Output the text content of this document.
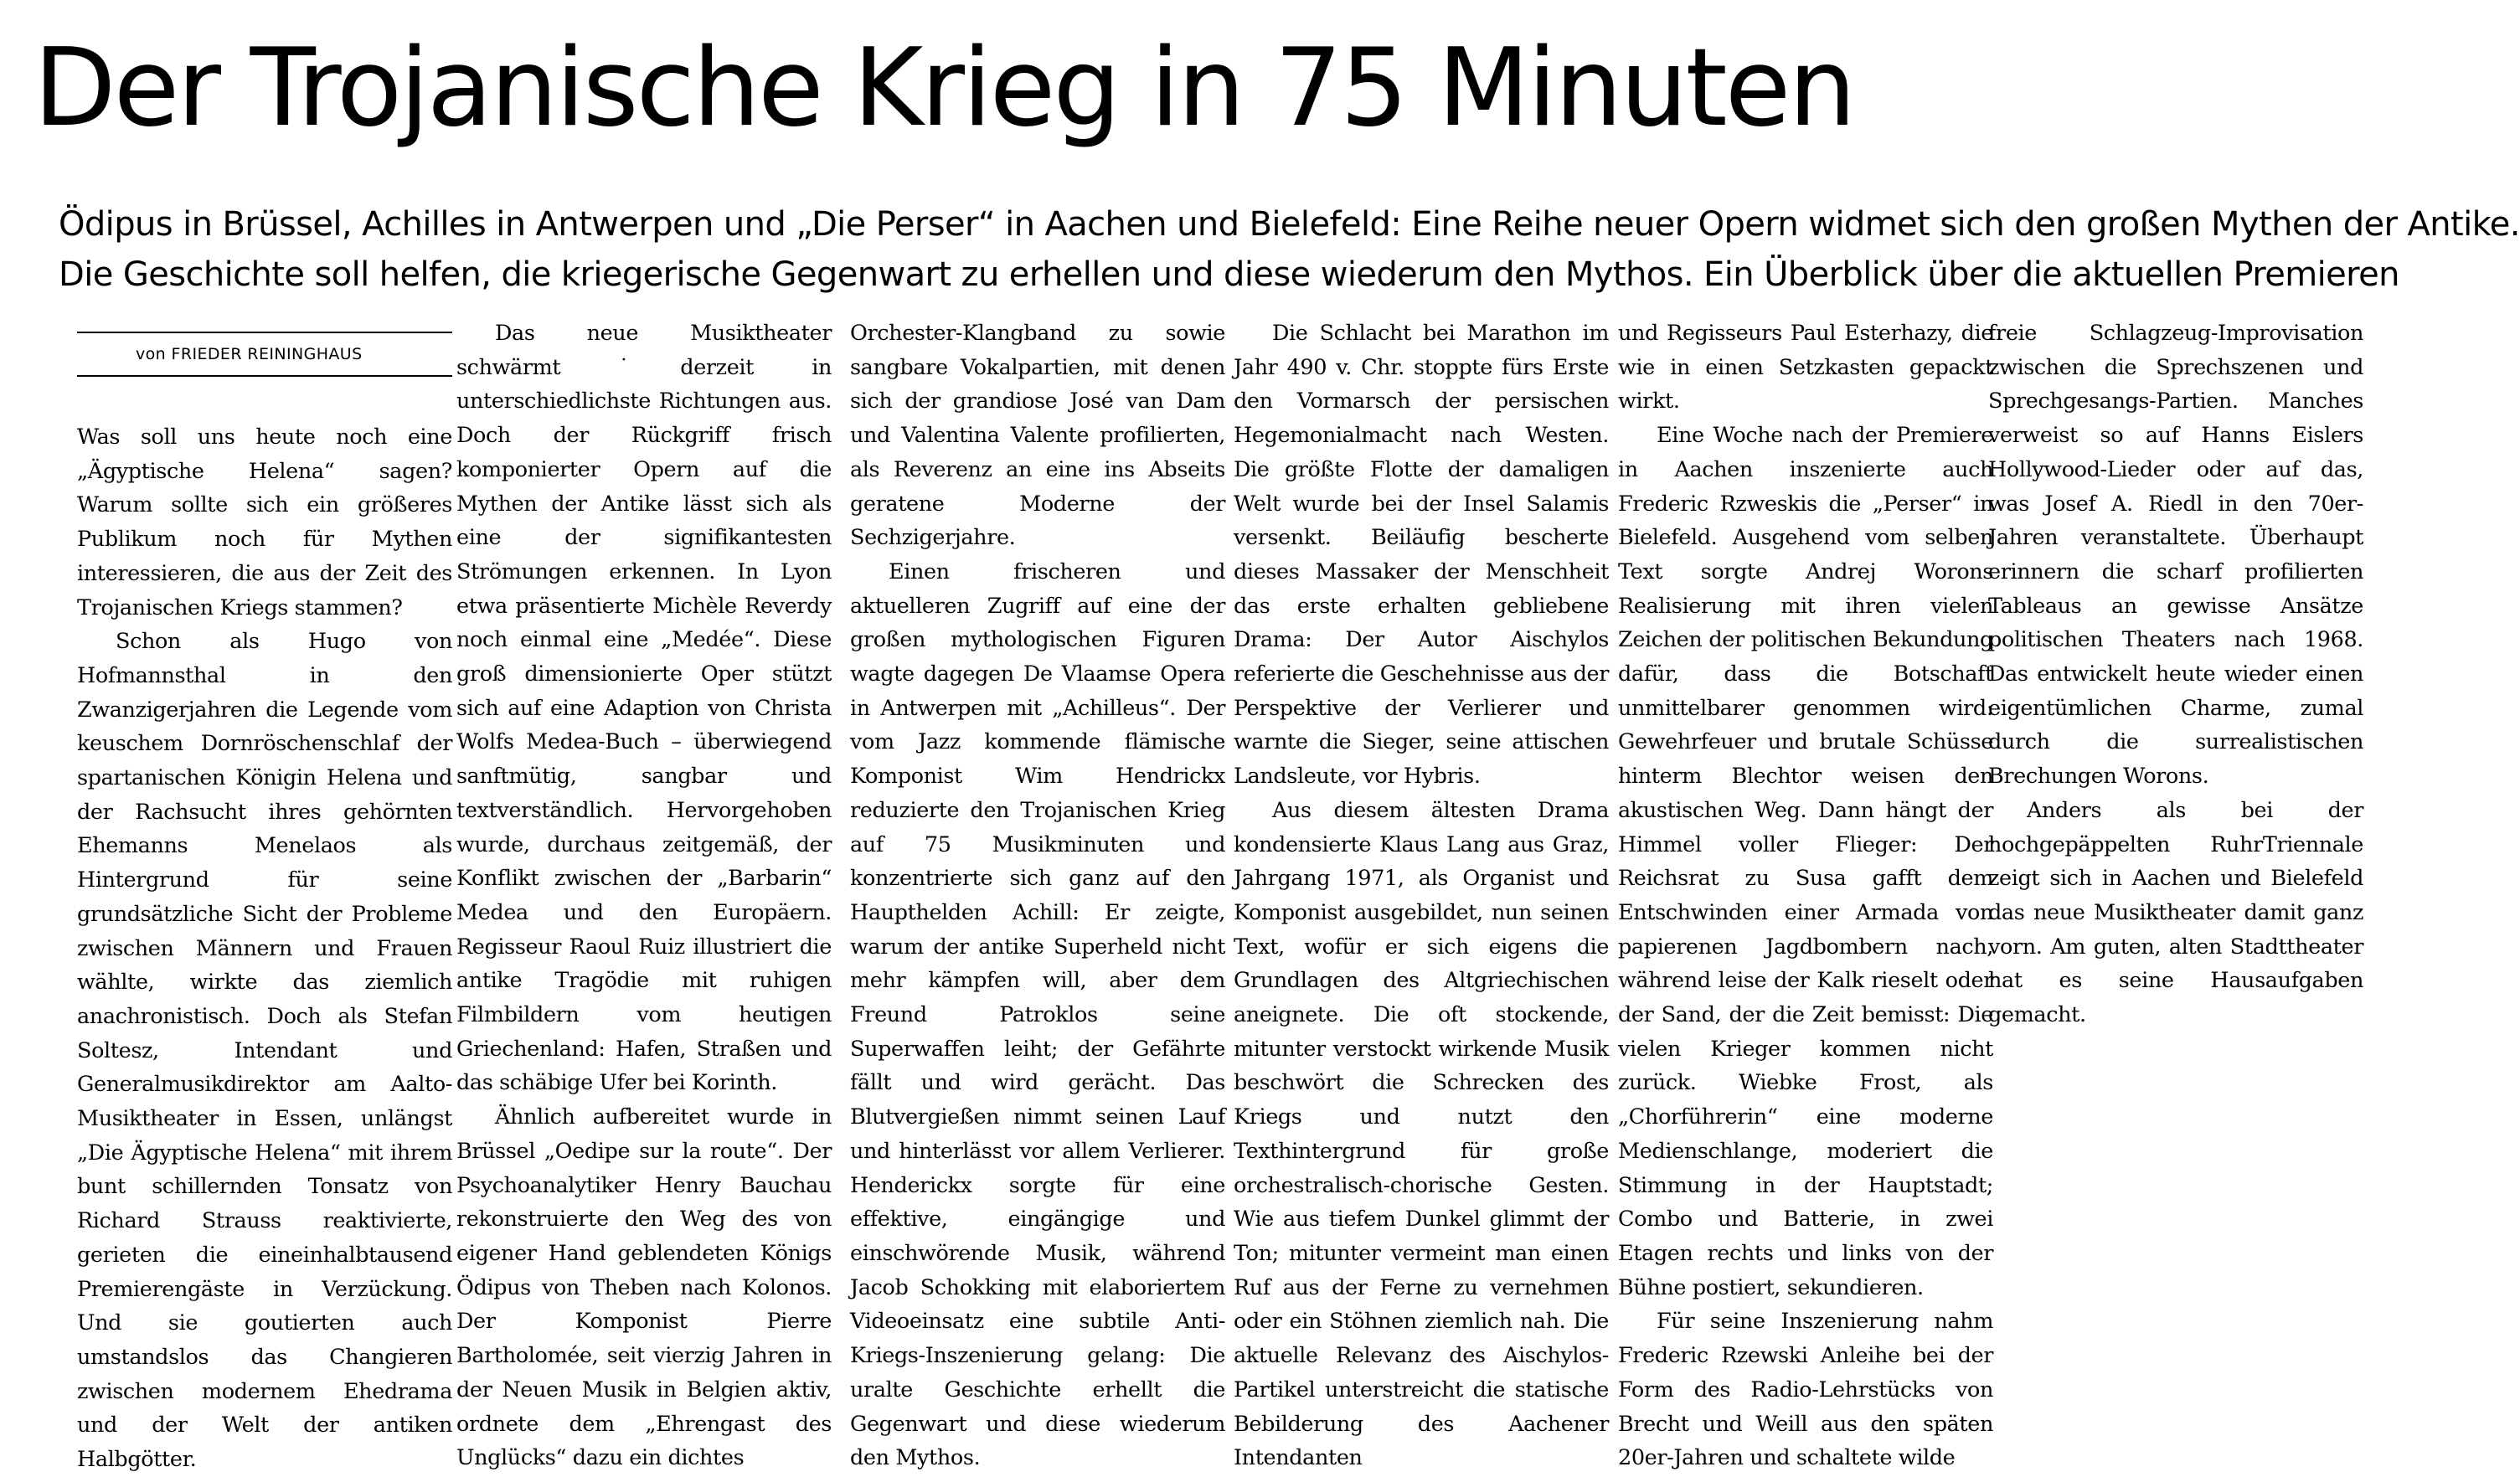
Der Trojanische Krieg in 75 Minuten
Ödipus in Brüssel, Achilles in Antwerpen und „Die Perser“ in Aachen und Bielefeld: Eine Reihe neuer Opern widmet sich den großen Mythen der Antike.
Die Geschichte soll helfen, die kriegerische Gegenwart zu erhellen und diese wiederum den Mythos. Ein Überblick über die aktuellen Premieren
von FRIEDER REININGHAUS

Was soll uns heute noch eine „Ägyptische Helena“ sagen? Warum sollte sich ein größeres Publikum noch für Mythen interessieren, die aus der Zeit des Trojanischen Kriegs stammen?

Schon als Hugo von Hofmannsthal in den Zwanzigerjahren die Legende vom keuschem Dornröschenschlaf der spartanischen Königin Helena und der Rachsucht ihres gehörnten Ehemanns Menelaos als Hintergrund für seine grundsätzliche Sicht der Probleme zwischen Männern und Frauen wählte, wirkte das ziemlich anachronistisch. Doch als Stefan Soltesz, Intendant und Generalmusikdirektor am Aalto-Musiktheater in Essen, unlängst „Die Ägyptische Helena“ mit ihrem bunt schillernden Tonsatz von Richard Strauss reaktivierte, gerieten die eineinhalbtausend Premierengäste in Verzückung. Und sie goutierten auch umstandslos das Changieren zwischen modernem Ehedrama und der Welt der antiken Halbgötter.

Das neue Musiktheater schwärmt ˙derzeit in unterschiedlichste Richtungen aus. Doch der Rückgriff frisch komponierter Opern auf die Mythen der Antike lässt sich als eine der signifikantesten Strömungen erkennen. In Lyon etwa präsentierte Michèle Reverdy noch einmal eine „Medée“. Diese groß dimensionierte Oper stützt sich auf eine Adaption von Christa Wolfs Medea-Buch – überwiegend sanftmütig, sangbar und textverständlich. Hervorgehoben wurde, durchaus zeitgemäß, der Konflikt zwischen der „Barbarin“ Medea und den Europäern. Regisseur Raoul Ruiz illustriert die antike Tragödie mit ruhigen Filmbildern vom heutigen Griechenland: Hafen, Straßen und das schäbige Ufer bei Korinth.

Ähnlich aufbereitet wurde in Brüssel „Oedipe sur la route“. Der Psychoanalytiker Henry Bauchau rekonstruierte den Weg des von eigener Hand geblendeten Königs Ödipus von Theben nach Kolonos. Der Komponist Pierre Bartholomée, seit vierzig Jahren in der Neuen Musik in Belgien aktiv, ordnete dem „Ehrengast des Unglücks“ dazu ein dichtes

Orchester-Klangband zu sowie sangbare Vokalpartien, mit denen sich der grandiose José van Dam und Valentina Valente profilierten, als Reverenz an eine ins Abseits geratene Moderne der Sechzigerjahre.

Einen frischeren und aktuelleren Zugriff auf eine der großen mythologischen Figuren wagte dagegen De Vlaamse Opera in Antwerpen mit „Achilleus“. Der vom Jazz kommende flämische Komponist Wim Hendrickx reduzierte den Trojanischen Krieg auf 75 Musikminuten und konzentrierte sich ganz auf den Haupthelden Achill: Er zeigte, warum der antike Superheld nicht mehr kämpfen will, aber dem Freund Patroklos seine Superwaffen leiht; der Gefährte fällt und wird gerächt. Das Blutvergießen nimmt seinen Lauf und hinterlässt vor allem Verlierer. Henderickx sorgte für eine effektive, eingängige und einschwörende Musik, während Jacob Schokking mit elaboriertem Videoeinsatz eine subtile Anti-Kriegs-Inszenierung gelang: Die uralte Geschichte erhellt die Gegenwart und diese wiederum den Mythos.

Die Schlacht bei Marathon im Jahr 490 v. Chr. stoppte fürs Erste den Vormarsch der persischen Hegemonialmacht nach Westen. Die größte Flotte der damaligen Welt wurde bei der Insel Salamis versenkt. Beiläufig bescherte dieses Massaker der Menschheit das erste erhalten gebliebene Drama: Der Autor Aischylos referierte die Geschehnisse aus der Perspektive der Verlierer und warnte die Sieger, seine attischen Landsleute, vor Hybris.

Aus diesem ältesten Drama kondensierte Klaus Lang aus Graz, Jahrgang 1971, als Organist und Komponist ausgebildet, nun seinen Text, wofür er sich eigens die Grundlagen des Altgriechischen aneignete. Die oft stockende, mitunter verstockt wirkende Musik beschwört die Schrecken des Kriegs und nutzt den Texthintergrund für große orchestralisch-chorische Gesten. Wie aus tiefem Dunkel glimmt der Ton; mitunter vermeint man einen Ruf aus der Ferne zu vernehmen oder ein Stöhnen ziemlich nah. Die aktuelle Relevanz des Aischylos-Partikel unterstreicht die statische Bebilderung des Aachener Intendanten

und Regisseurs Paul Esterhazy, die wie in einen Setzkasten gepackt wirkt.

Eine Woche nach der Premiere in Aachen inszenierte auch Frederic Rzweskis die „Perser“ in Bielefeld. Ausgehend vom selben Text sorgte Andrej Worons Realisierung mit ihren vielen Zeichen der politischen Bekundung dafür, dass die Botschaft unmittelbarer genommen wird: Gewehrfeuer und brutale Schüsse hinterm Blechtor weisen den akustischen Weg. Dann hängt der Himmel voller Flieger: Der Reichsrat zu Susa gafft dem Entschwinden einer Armada von papierenen Jagdbombern nach, während leise der Kalk rieselt oder der Sand, der die Zeit bemisst: Die vielen Krieger kommen nicht zurück. Wiebke Frost, als „Chorführerin“ eine moderne Medienschlange, moderiert die Stimmung in der Hauptstadt; Combo und Batterie, in zwei Etagen rechts und links von der Bühne postiert, sekundieren.

Für seine Inszenierung nahm Frederic Rzewski Anleihe bei der Form des Radio-Lehrstücks von Brecht und Weill aus den späten 20er-Jahren und schaltete wilde

freie Schlagzeug-Improvisation zwischen die Sprechszenen und Sprechgesangs-Partien. Manches verweist so auf Hanns Eislers Hollywood-Lieder oder auf das, was Josef A. Riedl in den 70er-Jahren veranstaltete. Überhaupt erinnern die scharf profilierten Tableaus an gewisse Ansätze politischen Theaters nach 1968. Das entwickelt heute wieder einen eigentümlichen Charme, zumal durch die surrealistischen Brechungen Worons.

Anders als bei der hochgepäppelten RuhrTriennale zeigt sich in Aachen und Bielefeld das neue Musiktheater damit ganz vorn. Am guten, alten Stadttheater hat es seine Hausaufgaben gemacht.
